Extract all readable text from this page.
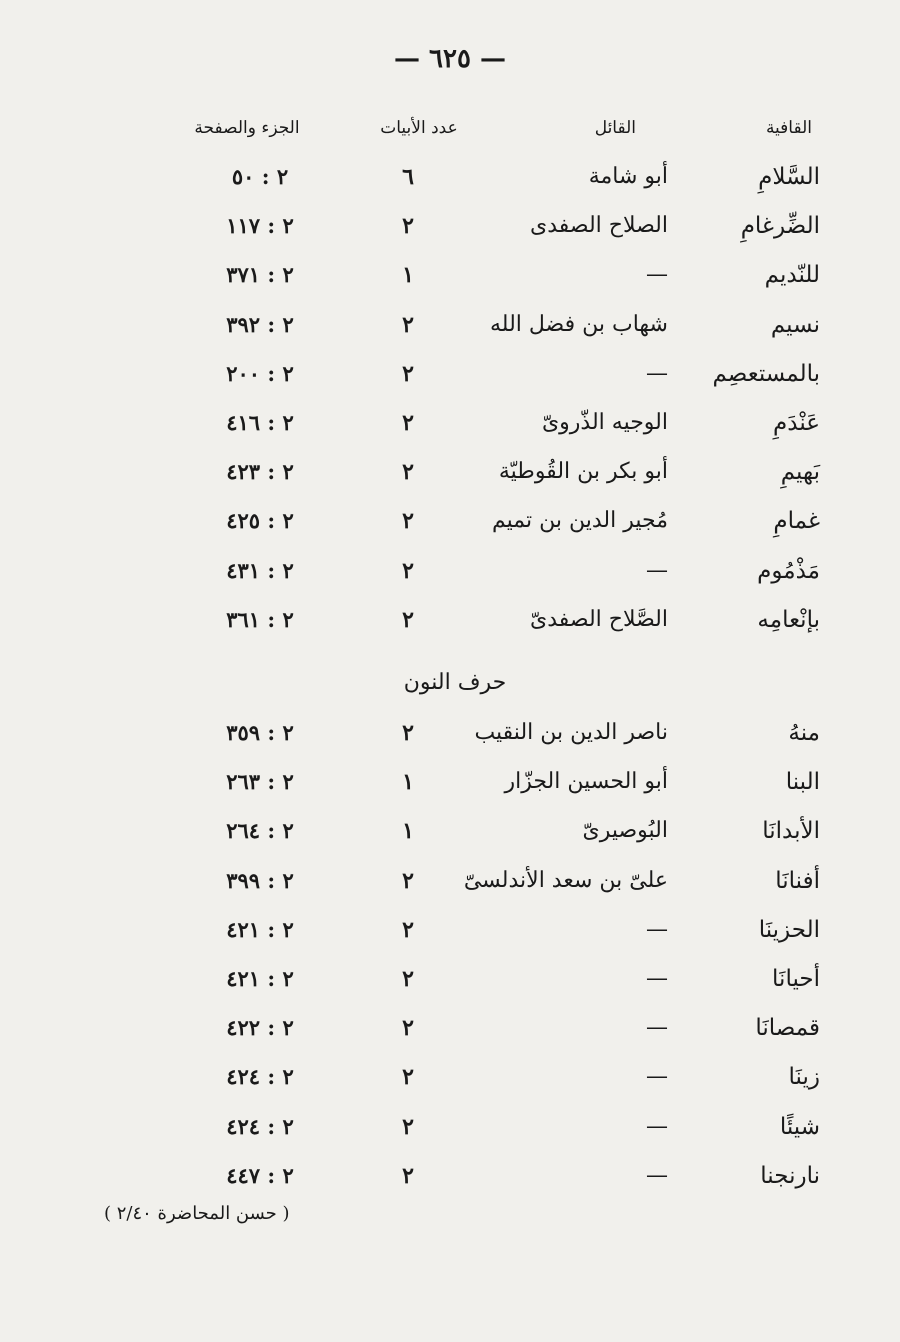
— ٦٢٥ —
القافية
القائل
عدد الأبيات
الجزء والصفحة
السَّلامِ
أبو شامة
٦
٢ : ٥٠
الضِّرغامِ
الصلاح الصفدى
٢
٢ : ١١٧
للنّديم
—
١
٢ : ٣٧١
نسيم
شهاب بن فضل الله
٢
٢ : ٣٩٢
بالمستعصِم
—
٢
٢ : ٢٠٠
عَنْدَمِ
الوجيه الذّروىّ
٢
٢ : ٤١٦
بَهيمِ
أبو بكر بن القُوطيّة
٢
٢ : ٤٢٣
غمامِ
مُجير الدين بن تميم
٢
٢ : ٤٢٥
مَذْمُوم
—
٢
٢ : ٤٣١
بإنْعامِه
الصَّلاح الصفدىّ
٢
٢ : ٣٦١
حرف النون
منهُ
ناصر الدين بن النقيب
٢
٢ : ٣٥٩
البنا
أبو الحسين الجزّار
١
٢ : ٢٦٣
الأبدانَا
البُوصيرىّ
١
٢ : ٢٦٤
أفنانَا
علىّ بن سعد الأندلسىّ
٢
٢ : ٣٩٩
الحزينَا
—
٢
٢ : ٤٢١
أحيانَا
—
٢
٢ : ٤٢١
قمصانَا
—
٢
٢ : ٤٢٢
زينَا
—
٢
٢ : ٤٢٤
شيئًا
—
٢
٢ : ٤٢٤
نارنجنا
—
٢
٢ : ٤٤٧
( حسن المحاضرة ٢/٤٠ )
